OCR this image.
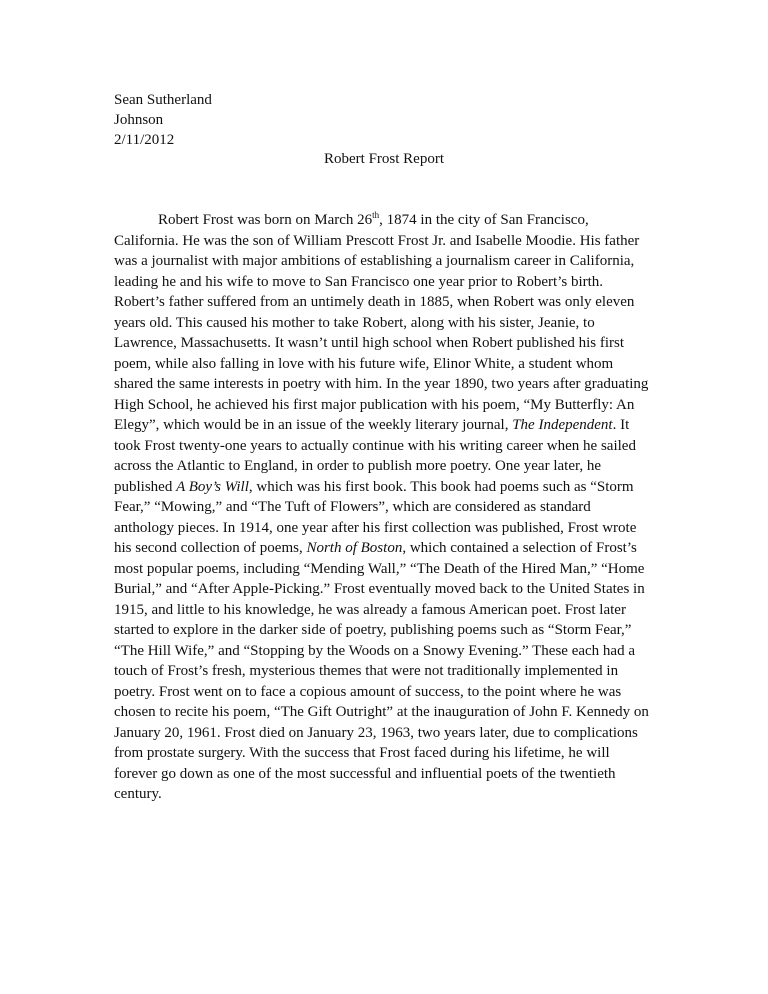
Sean Sutherland
Johnson
2/11/2012
Robert Frost Report
Robert Frost was born on March 26th, 1874 in the city of San Francisco,
California. He was the son of William Prescott Frost Jr. and Isabelle Moodie. His father
was a journalist with major ambitions of establishing a journalism career in California,
leading he and his wife to move to San Francisco one year prior to Robert’s birth.
Robert’s father suffered from an untimely death in 1885, when Robert was only eleven
years old. This caused his mother to take Robert, along with his sister, Jeanie, to
Lawrence, Massachusetts. It wasn’t until high school when Robert published his first
poem, while also falling in love with his future wife, Elinor White, a student whom
shared the same interests in poetry with him. In the year 1890, two years after graduating
High School, he achieved his first major publication with his poem, “My Butterfly: An
Elegy”, which would be in an issue of the weekly literary journal, The Independent. It
took Frost twenty-one years to actually continue with his writing career when he sailed
across the Atlantic to England, in order to publish more poetry. One year later, he
published A Boy’s Will, which was his first book. This book had poems such as “Storm
Fear,” “Mowing,” and “The Tuft of Flowers”, which are considered as standard
anthology pieces. In 1914, one year after his first collection was published, Frost wrote
his second collection of poems, North of Boston, which contained a selection of Frost’s
most popular poems, including “Mending Wall,” “The Death of the Hired Man,” “Home
Burial,” and “After Apple-Picking.” Frost eventually moved back to the United States in
1915, and little to his knowledge, he was already a famous American poet. Frost later
started to explore in the darker side of poetry, publishing poems such as “Storm Fear,”
“The Hill Wife,” and “Stopping by the Woods on a Snowy Evening.” These each had a
touch of Frost’s fresh, mysterious themes that were not traditionally implemented in
poetry. Frost went on to face a copious amount of success, to the point where he was
chosen to recite his poem, “The Gift Outright” at the inauguration of John F. Kennedy on
January 20, 1961. Frost died on January 23, 1963, two years later, due to complications
from prostate surgery. With the success that Frost faced during his lifetime, he will
forever go down as one of the most successful and influential poets of the twentieth
century.
